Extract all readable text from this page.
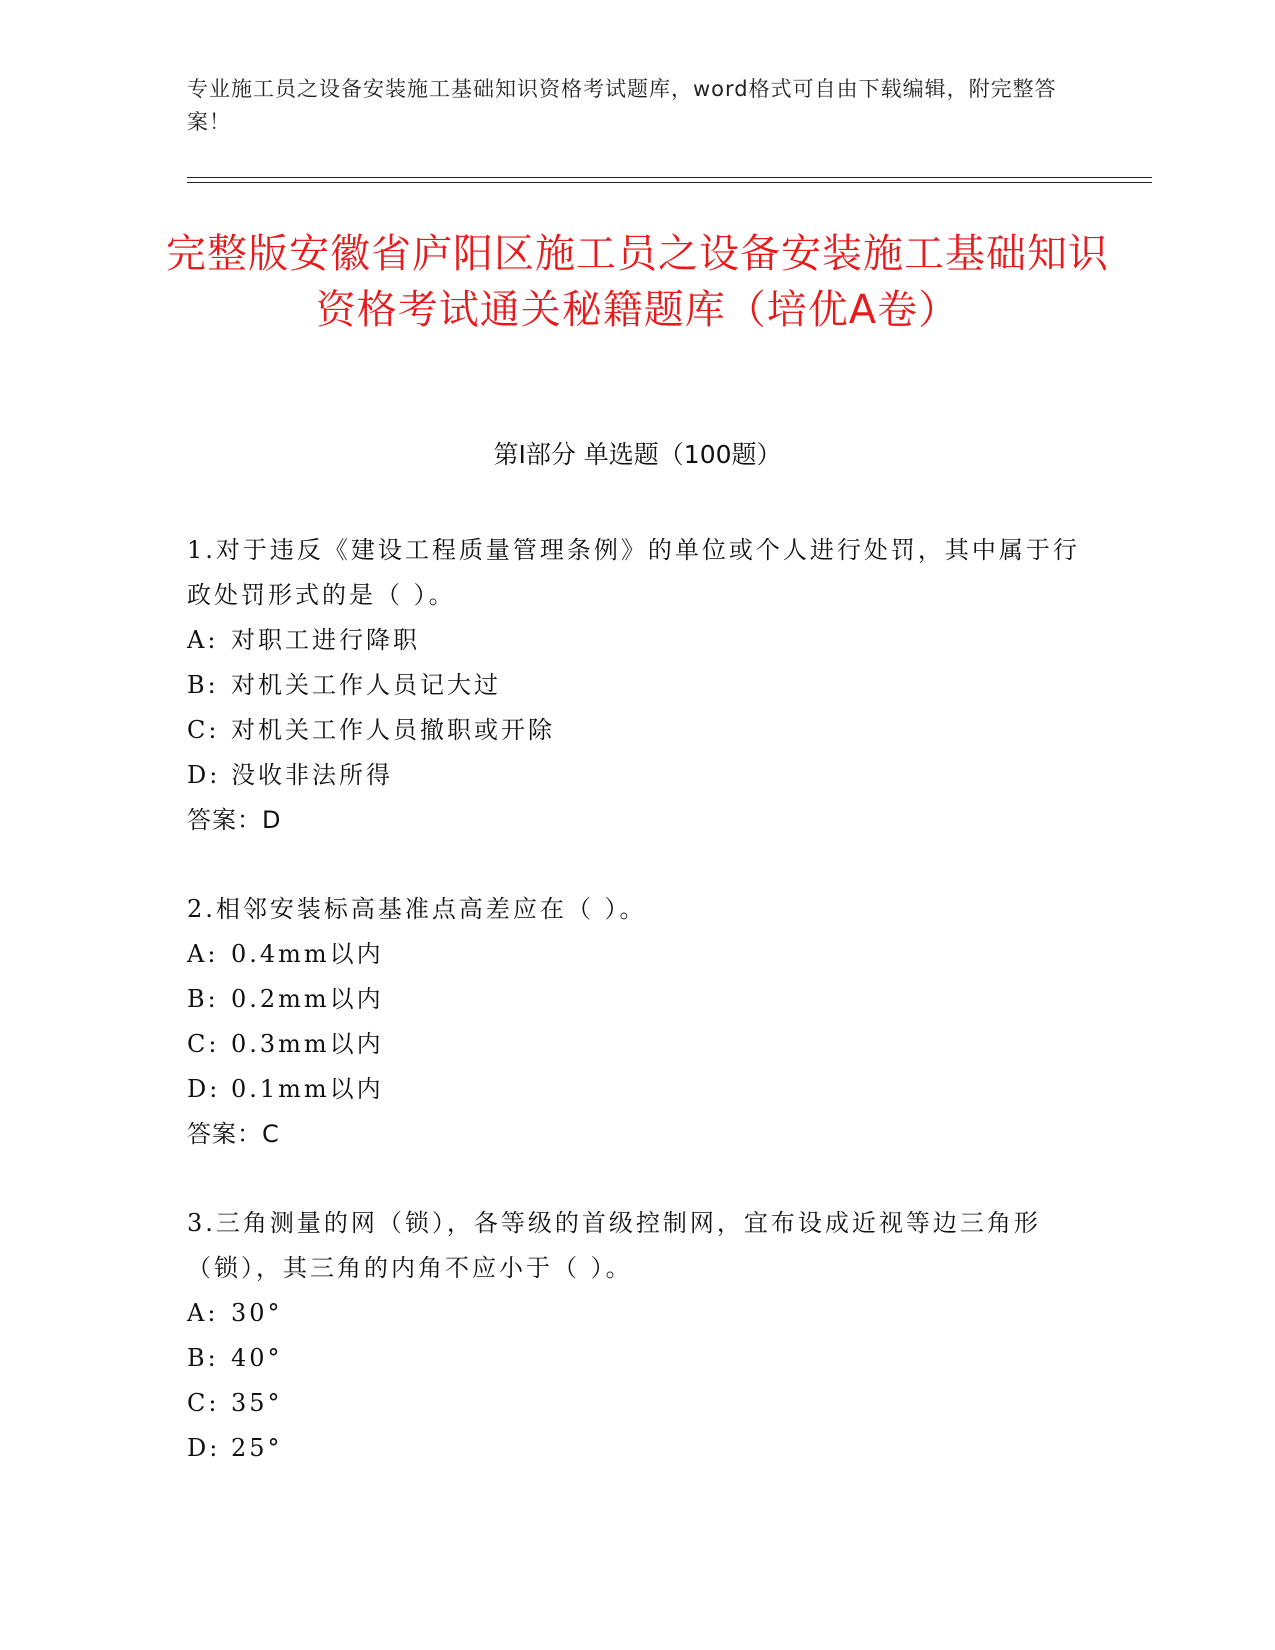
专业施工员之设备安装施工基础知识资格考试题库，word格式可自由下载编辑，附完整答案！
完整版安徽省庐阳区施工员之设备安装施工基础知识资格考试通关秘籍题库（培优A卷）
第Ⅰ部分 单选题（100题）
1.对于违反《建设工程质量管理条例》的单位或个人进行处罚，其中属于行政处罚形式的是（ ）。
A: 对职工进行降职
B: 对机关工作人员记大过
C: 对机关工作人员撤职或开除
D: 没收非法所得
答案：D
2.相邻安装标高基准点高差应在（ ）。
A: 0.4mm以内
B: 0.2mm以内
C: 0.3mm以内
D: 0.1mm以内
答案：C
3.三角测量的网（锁），各等级的首级控制网，宜布设成近视等边三角形（锁），其三角的内角不应小于（ ）。
A: 30°
B: 40°
C: 35°
D: 25°
